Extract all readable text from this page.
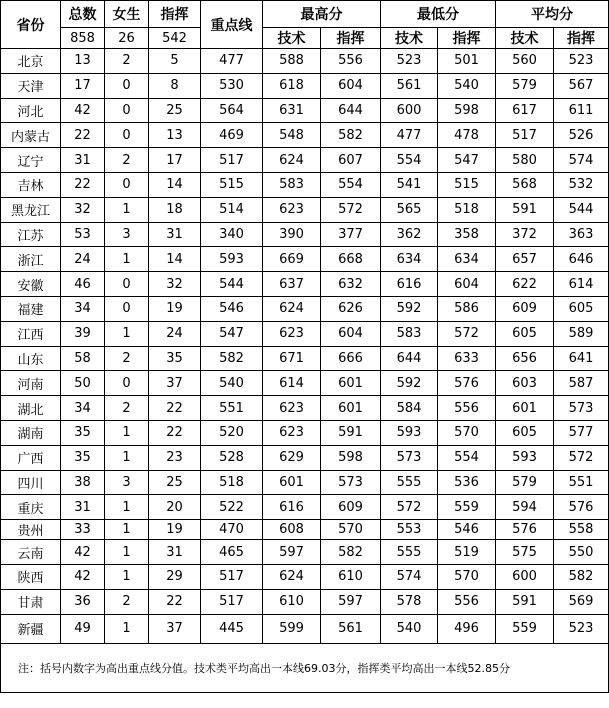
省份	总数	女生	指挥	重点线	最高分		最低分		平均分	
	858	26	542		技术	指挥	技术	指挥	技术	指挥
北京	13	2	5	477	588	556	523	501	560	523
天津	17	0	8	530	618	604	561	540	579	567
河北	42	0	25	564	631	644	600	598	617	611
内蒙古	22	0	13	469	548	582	477	478	517	526
辽宁	31	2	17	517	624	607	554	547	580	574
吉林	22	0	14	515	583	554	541	515	568	532
黑龙江	32	1	18	514	623	572	565	518	591	544
江苏	53	3	31	340	390	377	362	358	372	363
浙江	24	1	14	593	669	668	634	634	657	646
安徽	46	0	32	544	637	632	616	604	622	614
福建	34	0	19	546	624	626	592	586	609	605
江西	39	1	24	547	623	604	583	572	605	589
山东	58	2	35	582	671	666	644	633	656	641
河南	50	0	37	540	614	601	592	576	603	587
湖北	34	2	22	551	623	601	584	556	601	573
湖南	35	1	22	520	623	591	593	570	605	577
广西	35	1	23	528	629	598	573	554	593	572
四川	38	3	25	518	601	573	555	536	579	551
重庆	31	1	20	522	616	609	572	559	594	576
贵州	33	1	19	470	608	570	553	546	576	558
云南	42	1	31	465	597	582	555	519	575	550
陕西	42	1	29	517	624	610	574	570	600	582
甘肃	36	2	22	517	610	597	578	556	591	569
新疆	49	1	37	445	599	561	540	496	559	523
注：括号内数字为高出重点线分值。技术类平均高出一本线69.03分，指挥类平均高出一本线52.85分										
